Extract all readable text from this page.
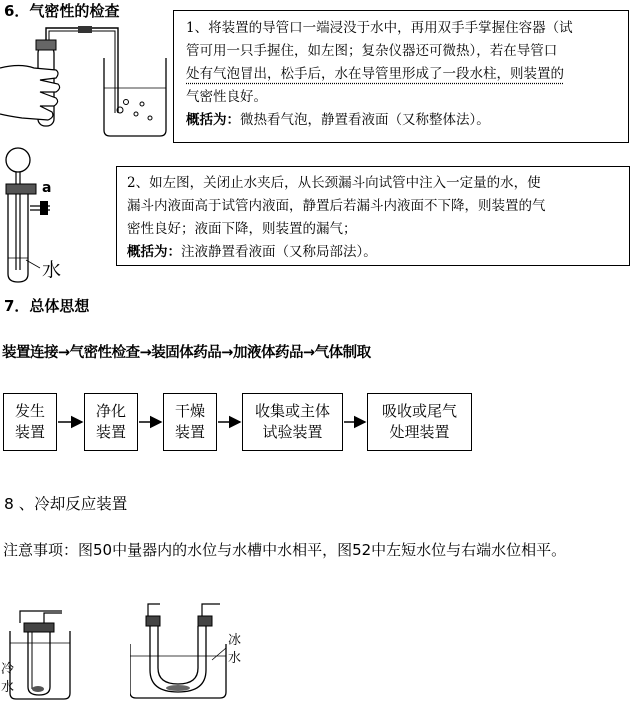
6．气密性的检查
1、将装置的导管口一端浸没于水中，再用双手手掌握住容器（试
管可用一只手握住，如左图；复杂仪器还可微热），若在导管口
处有气泡冒出，松手后，水在导管里形成了一段水柱，则装置的
气密性良好。
概括为：微热看气泡，静置看液面（又称整体法）。
a
水
2、如左图，关闭止水夹后，从长颈漏斗向试管中注入一定量的水，使
漏斗内液面高于试管内液面，静置后若漏斗内液面不下降，则装置的气
密性良好；液面下降，则装置的漏气；
概括为：注液静置看液面（又称局部法）。
7．总体思想
装置连接→气密性检查→装固体药品→加液体药品→气体制取
发生
装置
净化
装置
干燥
装置
收集或主体
试验装置
吸收或尾气
处理装置
8 、冷却反应装置
注意事项：图50中量器内的水位与水槽中水相平，图52中左短水位与右端水位相平。
冷
水
冰
水
